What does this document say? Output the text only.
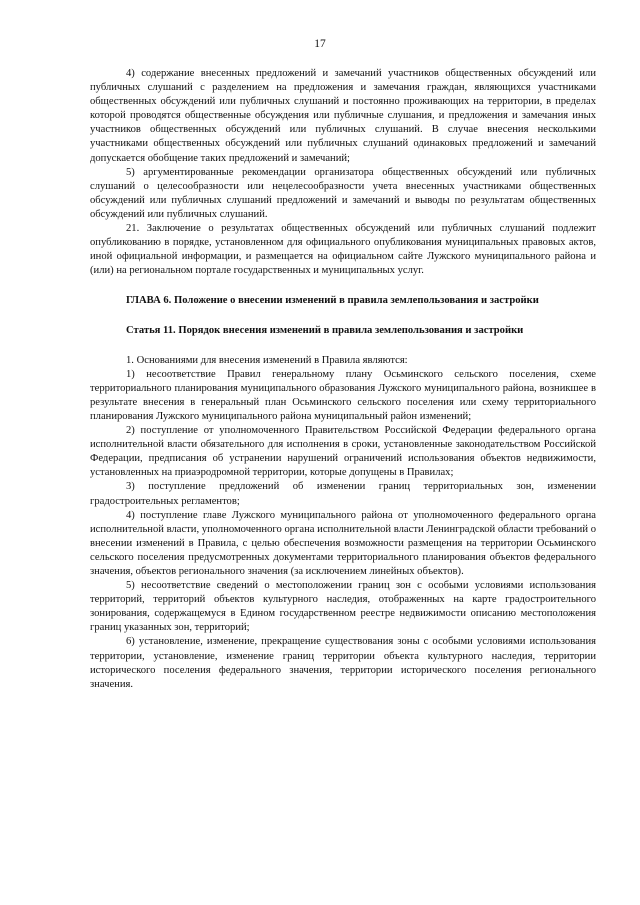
17

4) содержание внесенных предложений и замечаний участников общественных обсуждений или публичных слушаний с разделением на предложения и замечания граждан, являющихся участниками общественных обсуждений или публичных слушаний и постоянно проживающих на территории, в пределах которой проводятся общественные обсуждения или публичные слушания, и предложения и замечания иных участников общественных обсуждений или публичных слушаний. В случае внесения несколькими участниками общественных обсуждений или публичных слушаний одинаковых предложений и замечаний допускается обобщение таких предложений и замечаний;

5) аргументированные рекомендации организатора общественных обсуждений или публичных слушаний о целесообразности или нецелесообразности учета внесенных участниками общественных обсуждений или публичных слушаний предложений и замечаний и выводы по результатам общественных обсуждений или публичных слушаний.

21. Заключение о результатах общественных обсуждений или публичных слушаний подлежит опубликованию в порядке, установленном для официального опубликования муниципальных правовых актов, иной официальной информации, и размещается на официальном сайте Лужского муниципального района и (или) на региональном портале государственных и муниципальных услуг.

ГЛАВА 6. Положение о внесении изменений в правила землепользования и застройки

Статья 11. Порядок внесения изменений в правила землепользования и застройки

1. Основаниями для внесения изменений в Правила являются:

1) несоответствие Правил генеральному плану Осьминского сельского поселения, схеме территориального планирования муниципального образования Лужского муниципального района, возникшее в результате внесения в генеральный план Осьминского сельского поселения или схему территориального планирования Лужского муниципального района муниципальный район изменений;

2) поступление от уполномоченного Правительством Российской Федерации федерального органа исполнительной власти обязательного для исполнения в сроки, установленные законодательством Российской Федерации, предписания об устранении нарушений ограничений использования объектов недвижимости, установленных на приаэродромной территории, которые допущены в Правилах;

3) поступление предложений об изменении границ территориальных зон, изменении градостроительных регламентов;

4) поступление главе Лужского муниципального района от уполномоченного федерального органа исполнительной власти, уполномоченного органа исполнительной власти Ленинградской области требований о внесении изменений в Правила, с целью обеспечения возможности размещения на территории Осьминского сельского поселения предусмотренных документами территориального планирования объектов федерального значения, объектов регионального значения (за исключением линейных объектов).

5) несоответствие сведений о местоположении границ зон с особыми условиями использования территорий, территорий объектов культурного наследия, отображенных на карте градостроительного зонирования, содержащемуся в Едином государственном реестре недвижимости описанию местоположения границ указанных зон, территорий;

6) установление, изменение, прекращение существования зоны с особыми условиями использования территории, установление, изменение границ территории объекта культурного наследия, территории исторического поселения федерального значения, территории исторического поселения регионального значения.
